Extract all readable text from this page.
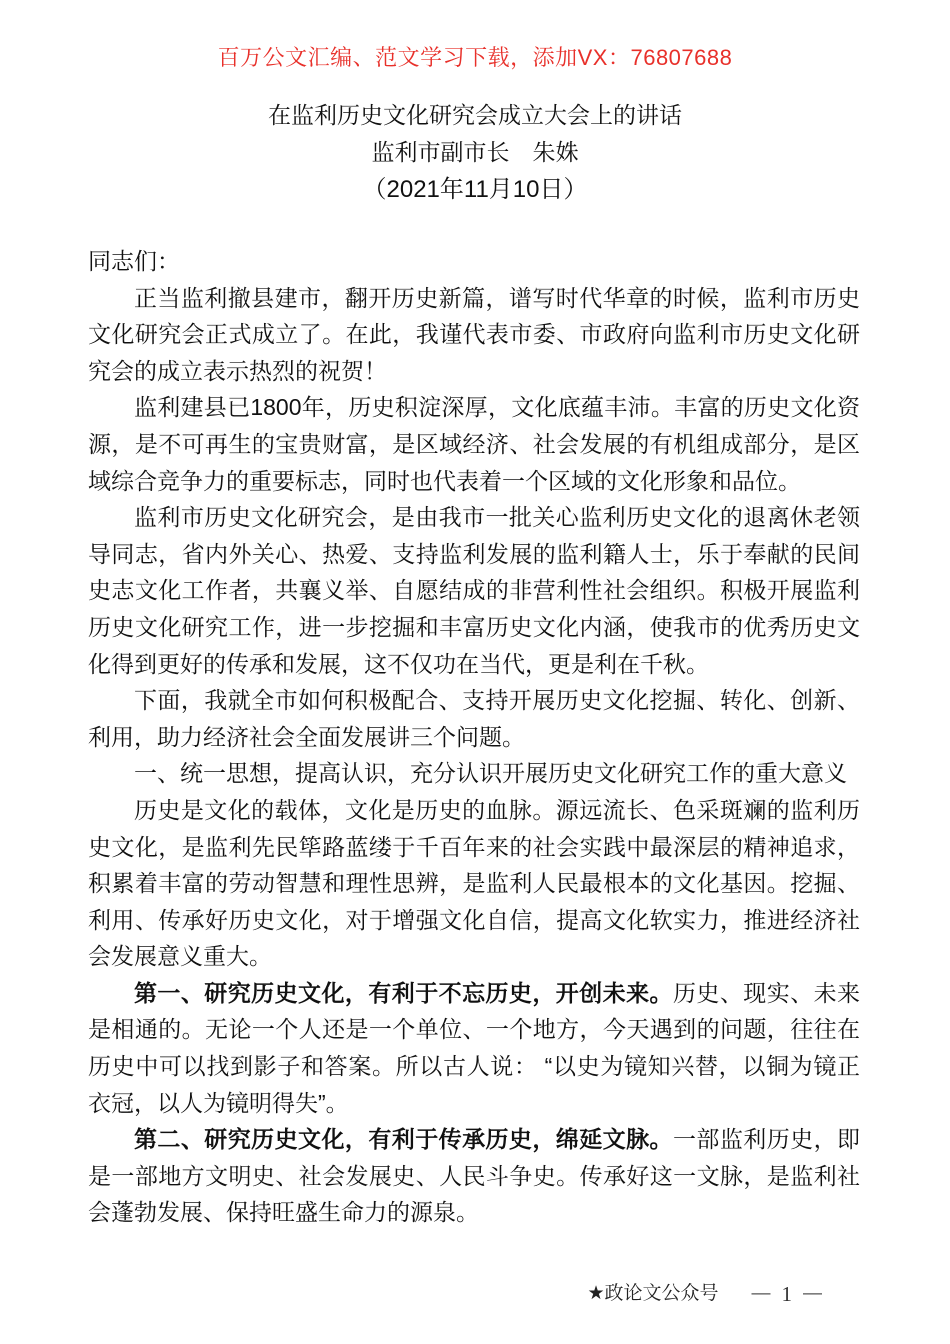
百万公文汇编、范文学习下载，添加VX：76807688
在监利历史文化研究会成立大会上的讲话
监利市副市长　朱姝
（2021年11月10日）

同志们：

正当监利撤县建市，翻开历史新篇，谱写时代华章的时候，监利市历史文化研究会正式成立了。在此，我谨代表市委、市政府向监利市历史文化研究会的成立表示热烈的祝贺！

监利建县已1800年，历史积淀深厚，文化底蕴丰沛。丰富的历史文化资源，是不可再生的宝贵财富，是区域经济、社会发展的有机组成部分，是区域综合竞争力的重要标志，同时也代表着一个区域的文化形象和品位。

监利市历史文化研究会，是由我市一批关心监利历史文化的退离休老领导同志，省内外关心、热爱、支持监利发展的监利籍人士，乐于奉献的民间史志文化工作者，共襄义举、自愿结成的非营利性社会组织。积极开展监利历史文化研究工作，进一步挖掘和丰富历史文化内涵，使我市的优秀历史文化得到更好的传承和发展，这不仅功在当代，更是利在千秋。

下面，我就全市如何积极配合、支持开展历史文化挖掘、转化、创新、利用，助力经济社会全面发展讲三个问题。

一、统一思想，提高认识，充分认识开展历史文化研究工作的重大意义

历史是文化的载体，文化是历史的血脉。源远流长、色采斑斓的监利历史文化，是监利先民筚路蓝缕于千百年来的社会实践中最深层的精神追求，积累着丰富的劳动智慧和理性思辨，是监利人民最根本的文化基因。挖掘、利用、传承好历史文化，对于增强文化自信，提高文化软实力，推进经济社会发展意义重大。

第一、研究历史文化，有利于不忘历史，开创未来。历史、现实、未来是相通的。无论一个人还是一个单位、一个地方，今天遇到的问题，往往在历史中可以找到影子和答案。所以古人说： “以史为镜知兴替，以铜为镜正衣冠，以人为镜明得失”。

第二、研究历史文化，有利于传承历史，绵延文脉。一部监利历史，即是一部地方文明史、社会发展史、人民斗争史。传承好这一文脉，是监利社会蓬勃发展、保持旺盛生命力的源泉。

★ 政论文公众号	— 1 —
